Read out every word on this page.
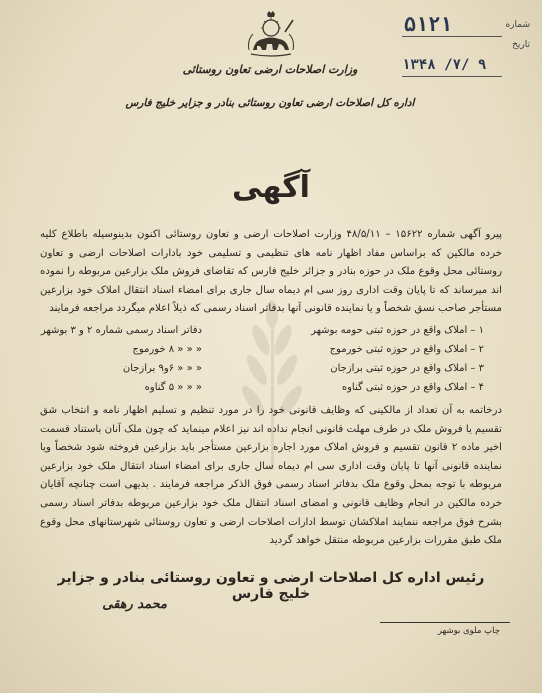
وزارت اصلاحات ارضی تعاون روستائی
اداره کل اصلاحات ارضی تعاون روستائی بنادر و جزایر خلیج فارس
شماره
۵۱۲۱
تاریخ
۱۳۴۸ /۷/ ۹
آگهی
پیرو آگهی شماره ۱۵۶۲۲ – ۴۸/۵/۱۱ وزارت اصلاحات ارضی و تعاون روستائی اکنون بدینوسیله باطلاع کلیه خرده مالکین که براساس مفاد اظهار نامه های تنظیمی و تسلیمی خود بادارات اصلاحات ارضی و تعاون روستائی محل وقوع ملک در حوزه بنادر و جزائر خلیج فارس که تقاضای فروش ملک بزارعین مربوطه را نموده اند میرساند که تا پایان وقت اداری روز سی ام دیماه سال جاری برای امضاء اسناد انتقال املاک خود بزارعین مستأجر صاحب نسق شخصاً و یا نماینده قانونی آنها بدفاتر اسناد رسمی که ذیلاً اعلام میگردد مراجعه فرمایند
۱ – املاک واقع در حوزه ثبتی حومه بوشهر
دفاتر اسناد رسمی شماره ۲ و ۳ بوشهر
۲ – املاک واقع در حوزه ثبتی خورموج
« « « ۸ خورموج
۳ – املاک واقع در حوزه ثبتی برازجان
« « « ۶و۹ برازجان
۴ – املاک واقع در حوزه ثبتی گناوه
« « « ۵ گناوه
درخاتمه به آن تعداد از مالکینی که وظایف قانونی خود را در مورد تنظیم و تسلیم اظهار نامه و انتخاب شق تقسیم یا فروش ملک در طرف مهلت قانونی انجام نداده اند نیز اعلام مینماید که چون ملک آنان باستناد قسمت اخیر ماده ۲ قانون تقسیم و فروش املاک مورد اجاره بزارعین مستأجر باید بزارعین فروخته شود شخصاً ویا نماینده قانونی آنها تا پایان وقت اداری سی ام دیماه سال جاری برای امضاء اسناد انتقال ملک خود بزارعین مربوطه با توجه بمحل وقوع ملک بدفاتر اسناد رسمی فوق الذکر مراجعه فرمایند . بدیهی است چنانچه آقایان خرده مالکین در انجام وظایف قانونی و امضای اسناد انتقال ملک خود بزارعین مربوطه بدفاتر اسناد رسمی بشرح فوق مراجعه ننمایند املاکشان توسط ادارات اصلاحات ارضی و تعاون روستائی شهرستانهای محل وقوع ملک طبق مقررات بزارعین مربوطه منتقل خواهد گردید
رئیس اداره کل اصلاحات ارضی و تعاون روستائی بنادر و جزایر خلیج فارس
محمد رهقی
چاپ ملوی بوشهر
